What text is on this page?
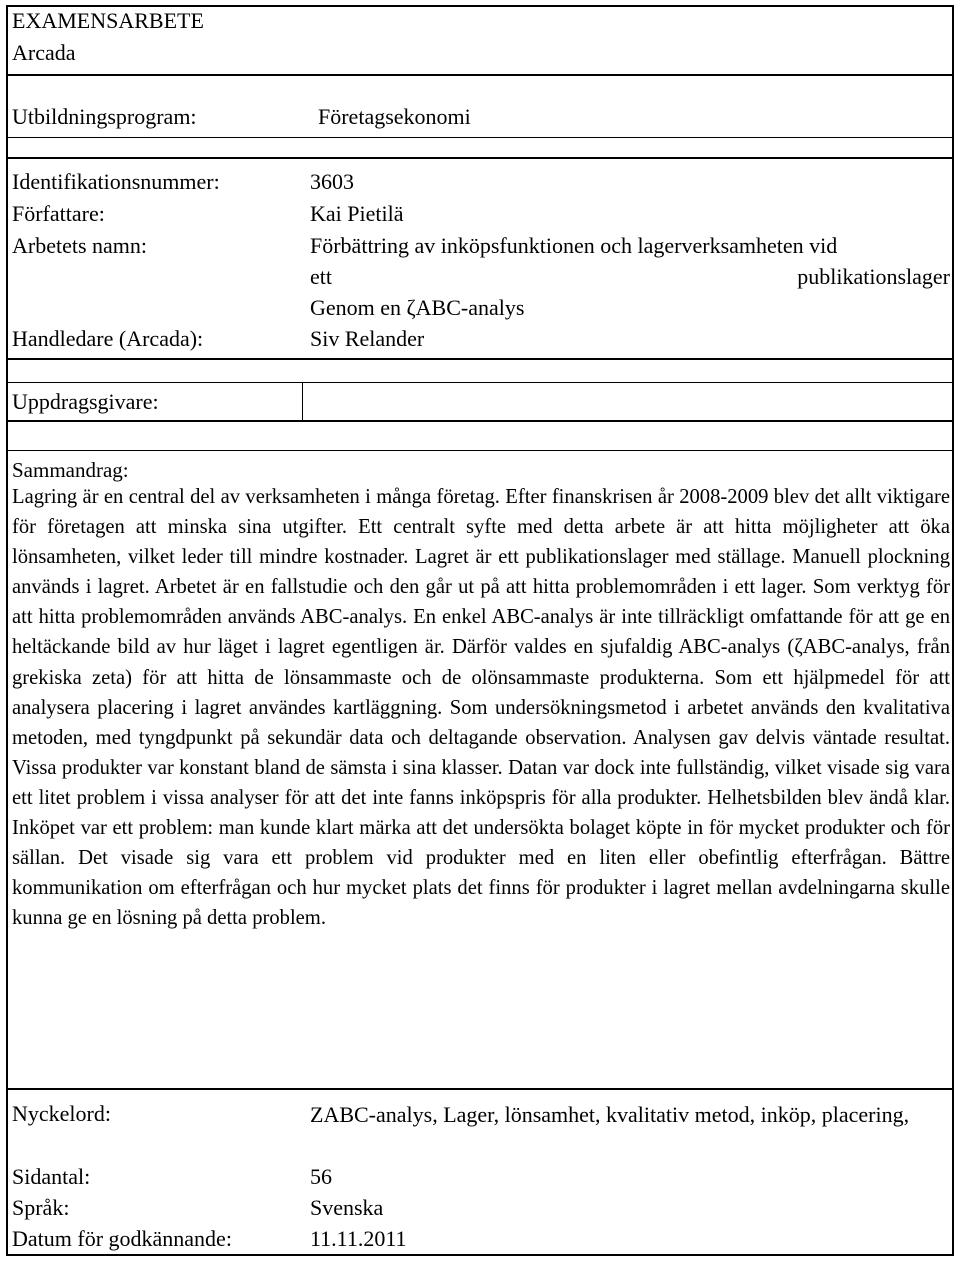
EXAMENSARBETE
Arcada
Utbildningsprogram:	Företagsekonomi
Identifikationsnummer:	3603
Författare:	Kai Pietilä
Arbetets namn:	Förbättring av inköpsfunktionen och lagerverksamheten vid
ett	publikationslager
Genom en ζABC-analys
Handledare (Arcada):	Siv Relander
Uppdragsgivare:
Sammandrag:
Lagring är en central del av verksamheten i många företag. Efter finanskrisen år 2008-2009 blev det allt viktigare för företagen att minska sina utgifter. Ett centralt syfte med detta arbete är att hitta möjligheter att öka lönsamheten, vilket leder till mindre kostnader. Lagret är ett publikationslager med ställage. Manuell plockning används i lagret. Arbetet är en fallstudie och den går ut på att hitta problemområden i ett lager. Som verktyg för att hitta problemområden används ABC-analys. En enkel ABC-analys är inte tillräckligt omfattande för att ge en heltäckande bild av hur läget i lagret egentligen är. Därför valdes en sjufaldig ABC-analys (ζABC-analys, från grekiska zeta) för att hitta de lönsammaste och de olönsammaste produkterna. Som ett hjälpmedel för att analysera placering i lagret användes kartläggning. Som undersökningsmetod i arbetet används den kvalitativa metoden, med tyngdpunkt på sekundär data och deltagande observation. Analysen gav delvis väntade resultat. Vissa produkter var konstant bland de sämsta i sina klasser. Datan var dock inte fullständig, vilket visade sig vara ett litet problem i vissa analyser för att det inte fanns inköpspris för alla produkter. Helhetsbilden blev ändå klar. Inköpet var ett problem: man kunde klart märka att det undersökta bolaget köpte in för mycket produkter och för sällan. Det visade sig vara ett problem vid produkter med en liten eller obefintlig efterfrågan. Bättre kommunikation om efterfrågan och hur mycket plats det finns för produkter i lagret mellan avdelningarna skulle kunna ge en lösning på detta problem.
Nyckelord:	ZABC-analys, Lager, lönsamhet, kvalitativ metod, inköp, placering,
Sidantal:	56
Språk:	Svenska
Datum för godkännande:	11.11.2011
